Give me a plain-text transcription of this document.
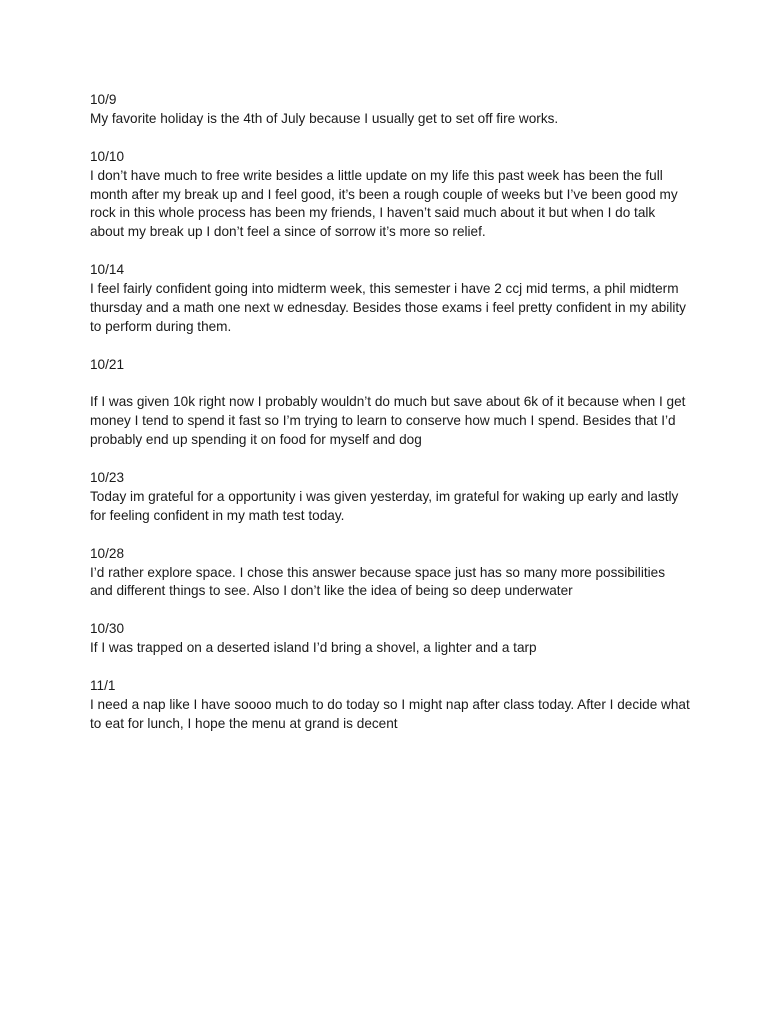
10/9
My favorite holiday is the 4th of July because I usually get to set off fire works.
10/10
I don’t have much to free write besides a little update on my life this past week has been the full month after my break up and I feel good, it’s been a rough couple of weeks but I’ve been good my rock in this whole process has been my friends, I haven’t said much about it but when I do talk about my break up I don’t feel a since of sorrow it’s more so relief.
10/14
I feel fairly confident going into midterm week, this semester i have 2 ccj mid terms, a phil midterm thursday and a math one next w ednesday. Besides those exams i feel pretty confident in my ability to perform during them.
10/21
If I was given 10k right now I probably wouldn’t do much but save about 6k of it because when I get money I tend to spend it fast so I’m trying to learn to conserve how much I spend. Besides that I’d probably end up spending it on food for myself and dog
10/23
Today im grateful for a opportunity i was given yesterday, im grateful for waking up early and lastly for feeling confident in my math test today.
10/28
I’d rather explore space. I chose this answer because space just has so many more possibilities and different things to see. Also I don’t like the idea of being so deep underwater
10/30
If I was trapped on a deserted island I’d bring a shovel, a lighter and a tarp
11/1
I need a nap like I have soooo much to do today so I might nap after class today. After I decide what to eat for lunch, I hope the menu at grand is decent
